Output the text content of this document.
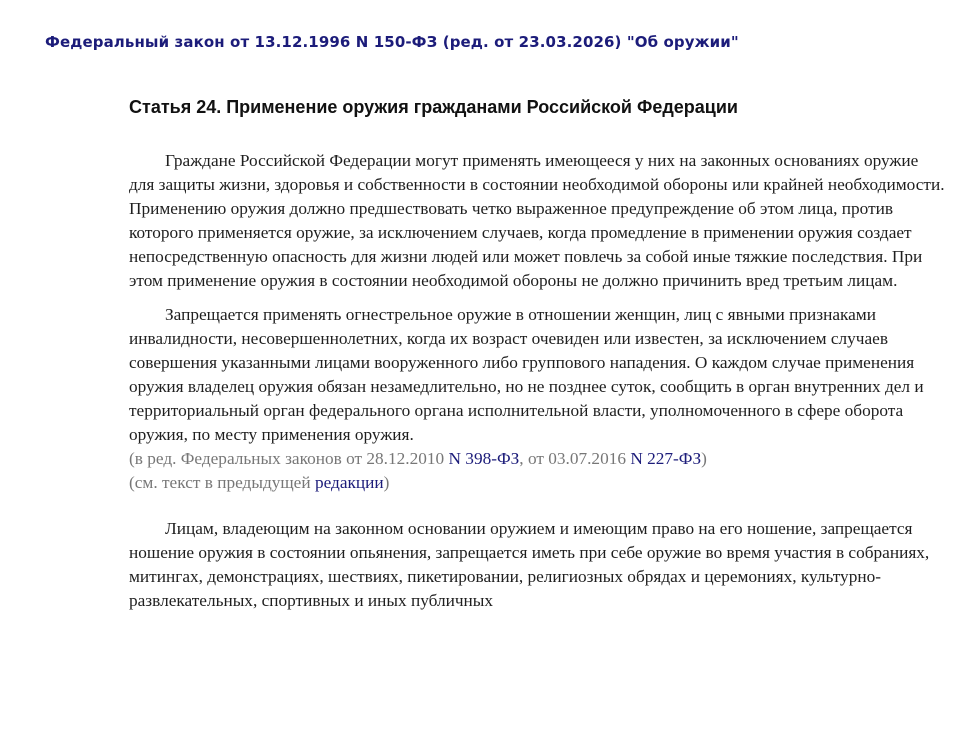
Федеральный закон от 13.12.1996 N 150-ФЗ (ред. от 23.03.2026) "Об оружии"
Статья 24. Применение оружия гражданами Российской Федерации

Граждане Российской Федерации могут применять имеющееся у них на законных основаниях оружие для защиты жизни, здоровья и собственности в состоянии необходимой обороны или крайней необходимости. Применению оружия должно предшествовать четко выраженное предупреждение об этом лица, против которого применяется оружие, за исключением случаев, когда промедление в применении оружия создает непосредственную опасность для жизни людей или может повлечь за собой иные тяжкие последствия. При этом применение оружия в состоянии необходимой обороны не должно причинить вред третьим лицам.

Запрещается применять огнестрельное оружие в отношении женщин, лиц с явными признаками инвалидности, несовершеннолетних, когда их возраст очевиден или известен, за исключением случаев совершения указанными лицами вооруженного либо группового нападения. О каждом случае применения оружия владелец оружия обязан незамедлительно, но не позднее суток, сообщить в орган внутренних дел и территориальный орган федерального органа исполнительной власти, уполномоченного в сфере оборота оружия, по месту применения оружия.

(в ред. Федеральных законов от 28.12.2010 N 398-ФЗ, от 03.07.2016 N 227-ФЗ)

(см. текст в предыдущей редакции)

Лицам, владеющим на законном основании оружием и имеющим право на его ношение, запрещается ношение оружия в состоянии опьянения, запрещается иметь при себе оружие во время участия в собраниях, митингах, демонстрациях, шествиях, пикетировании, религиозных обрядах и церемониях, культурно-развлекательных, спортивных и иных публичных
